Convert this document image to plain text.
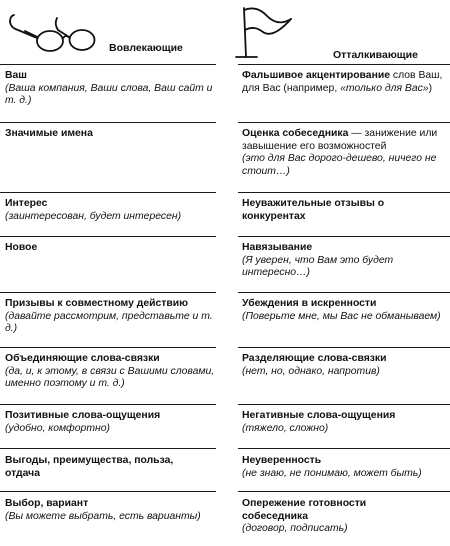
Вовлекающие
Отталкивающие
Ваш
(Ваша компания, Ваши слова, Ваш сайт и т. д.)
Значимые имена
Интерес
(заинтересован, будет интересен)
Новое
Призывы к совместному действию
(давайте рассмотрим, представьте и т. д.)
Объединяющие слова-связки
(да, и, к этому, в связи с Вашими словами, именно поэтому и т. д.)
Позитивные слова-ощущения
(удобно, комфортно)
Выгоды, преимущества, польза, отдача
Выбор, вариант
(Вы можете выбрать, есть варианты)
Фальшивое акцентирование слов Ваш, для Вас (например, «только для Вас»)
Оценка собеседника — занижение или завышение его возможностей
(это для Вас дорого-дешево, ничего не стоит…)
Неуважительные отзывы о конкурентах
Навязывание
(Я уверен, что Вам это будет интересно…)
Убеждения в искренности
(Поверьте мне, мы Вас не обманываем)
Разделяющие слова-связки
(нет, но, однако, напротив)
Негативные слова-ощущения
(тяжело, сложно)
Неуверенность
(не знаю, не понимаю, может быть)
Опережение готовности собеседника
(договор, подписать)
